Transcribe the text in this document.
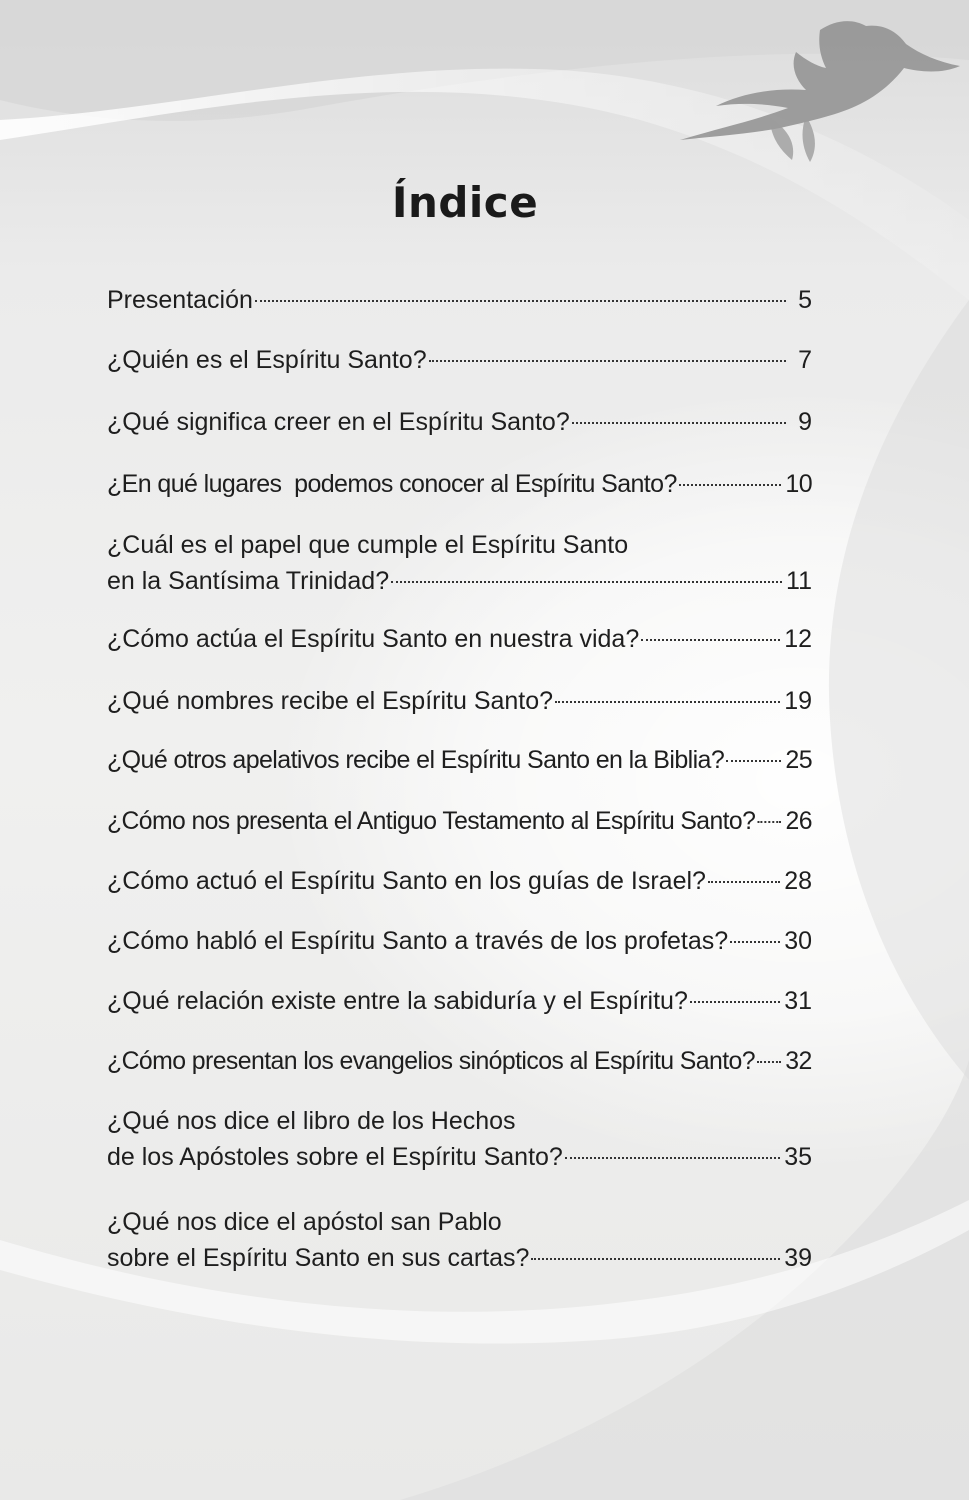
Índice
Presentación	5
¿Quién es el Espíritu Santo?	7
¿Qué significa creer en el Espíritu Santo?	9
¿En qué lugares  podemos conocer al Espíritu Santo?	10
¿Cuál es el papel que cumple el Espíritu Santo
en la Santísima Trinidad?	11
¿Cómo actúa el Espíritu Santo en nuestra vida?	12
¿Qué nombres recibe el Espíritu Santo?	19
¿Qué otros apelativos recibe el Espíritu Santo en la Biblia? 25
¿Cómo nos presenta el Antiguo Testamento al Espíritu Santo? 26
¿Cómo actuó el Espíritu Santo en los guías de Israel?	28
¿Cómo habló el Espíritu Santo a través de los profetas? 30
¿Qué relación existe entre la sabiduría y el Espíritu?	31
¿Cómo presentan los evangelios sinópticos al Espíritu Santo? 32
¿Qué nos dice el libro de los Hechos
de los Apóstoles sobre el Espíritu Santo?	35
¿Qué nos dice el apóstol san Pablo
sobre el Espíritu Santo en sus cartas?	39
